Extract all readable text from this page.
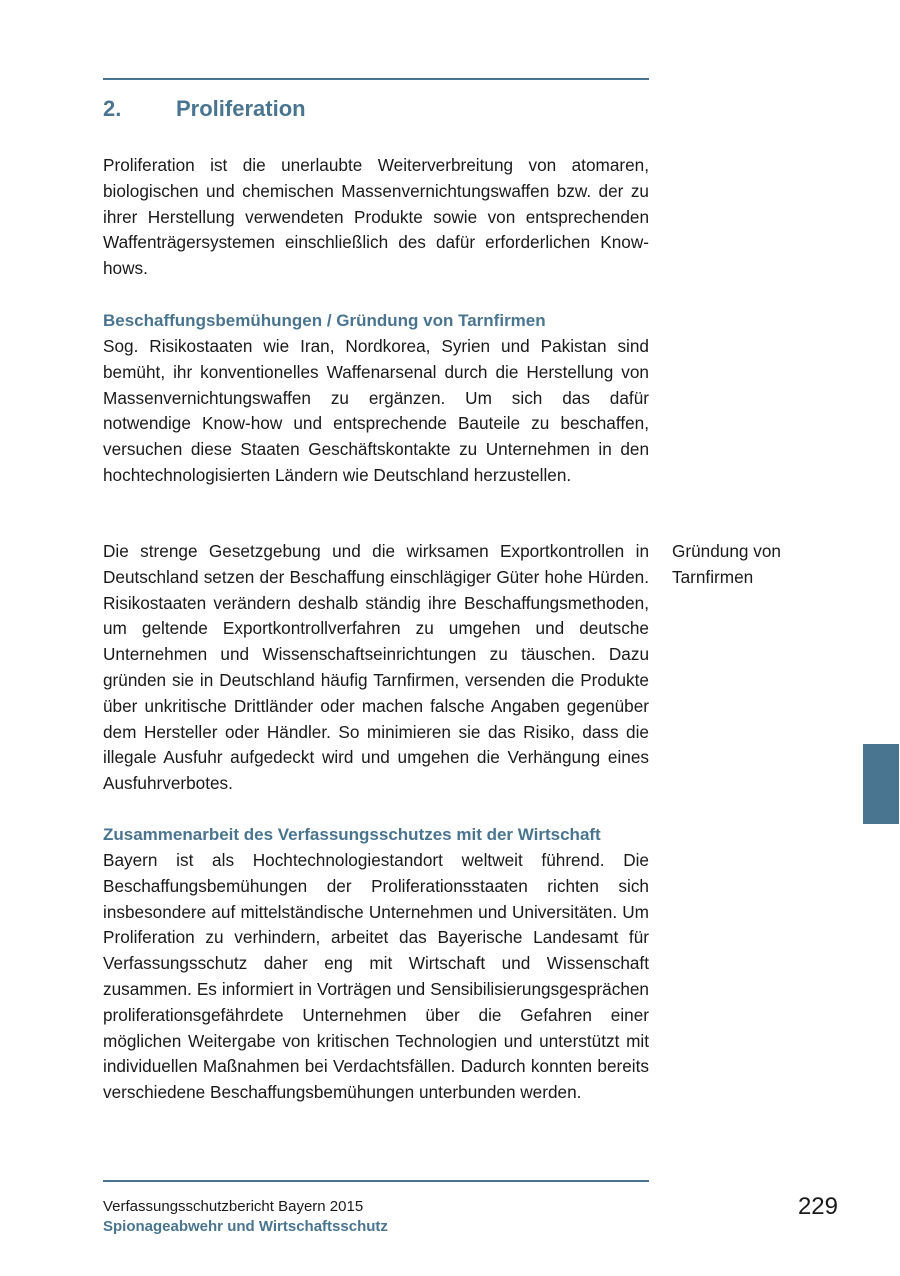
2. Proliferation

Proliferation ist die unerlaubte Weiterverbreitung von atomaren, biologischen und chemischen Massenvernichtungswaffen bzw. der zu ihrer Herstellung verwendeten Produkte sowie von entsprechenden Waffenträgersystemen einschließlich des dafür erforderlichen Know-hows.

Beschaffungsbemühungen / Gründung von Tarnfirmen

Sog. Risikostaaten wie Iran, Nordkorea, Syrien und Pakistan sind bemüht, ihr konventionelles Waffenarsenal durch die Herstellung von Massenvernichtungswaffen zu ergänzen. Um sich das dafür notwendige Know-how und entsprechende Bauteile zu beschaffen, versuchen diese Staaten Geschäftskontakte zu Unternehmen in den hochtechnologisierten Ländern wie Deutschland herzustellen.

Die strenge Gesetzgebung und die wirksamen Exportkontrollen in Deutschland setzen der Beschaffung einschlägiger Güter hohe Hürden. Risikostaaten verändern deshalb ständig ihre Beschaffungsmethoden, um geltende Exportkontrollverfahren zu umgehen und deutsche Unternehmen und Wissenschaftseinrichtungen zu täuschen. Dazu gründen sie in Deutschland häufig Tarnfirmen, versenden die Produkte über unkritische Drittländer oder machen falsche Angaben gegenüber dem Hersteller oder Händler. So minimieren sie das Risiko, dass die illegale Ausfuhr aufgedeckt wird und umgehen die Verhängung eines Ausfuhrverbotes.

Gründung von Tarnfirmen
Zusammenarbeit des Verfassungsschutzes mit der Wirtschaft

Bayern ist als Hochtechnologiestandort weltweit führend. Die Beschaffungsbemühungen der Proliferationsstaaten richten sich insbesondere auf mittelständische Unternehmen und Universitäten. Um Proliferation zu verhindern, arbeitet das Bayerische Landesamt für Verfassungsschutz daher eng mit Wirtschaft und Wissenschaft zusammen. Es informiert in Vorträgen und Sensibilisierungsgesprächen proliferationsgefährdete Unternehmen über die Gefahren einer möglichen Weitergabe von kritischen Technologien und unterstützt mit individuellen Maßnahmen bei Verdachtsfällen. Dadurch konnten bereits verschiedene Beschaffungsbemühungen unterbunden werden.

Verfassungsschutzbericht Bayern 2015
Spionageabwehr und Wirtschaftsschutz
229
